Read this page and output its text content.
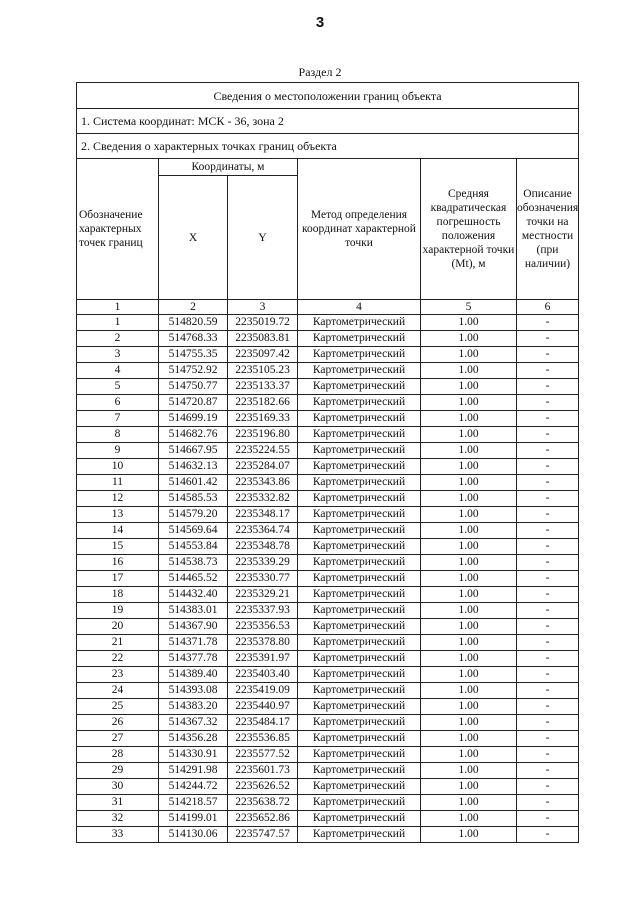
3
Раздел 2
Сведения о местоположении границ объекта					
1. Система координат: МСК - 36, зона 2					
2. Сведения о характерных точках границ объекта					
Обозначение характерных точек границ	Координаты, м		Метод определения координат характерной точки	Средняя квадратическая погрешность положения характерной точки (Mt), м	Описание обозначения точки на местности (при наличии)
	X	Y			
1	2	3	4	5	6
1	514820.59	2235019.72	Картометрический	1.00	-
2	514768.33	2235083.81	Картометрический	1.00	-
3	514755.35	2235097.42	Картометрический	1.00	-
4	514752.92	2235105.23	Картометрический	1.00	-
5	514750.77	2235133.37	Картометрический	1.00	-
6	514720.87	2235182.66	Картометрический	1.00	-
7	514699.19	2235169.33	Картометрический	1.00	-
8	514682.76	2235196.80	Картометрический	1.00	-
9	514667.95	2235224.55	Картометрический	1.00	-
10	514632.13	2235284.07	Картометрический	1.00	-
11	514601.42	2235343.86	Картометрический	1.00	-
12	514585.53	2235332.82	Картометрический	1.00	-
13	514579.20	2235348.17	Картометрический	1.00	-
14	514569.64	2235364.74	Картометрический	1.00	-
15	514553.84	2235348.78	Картометрический	1.00	-
16	514538.73	2235339.29	Картометрический	1.00	-
17	514465.52	2235330.77	Картометрический	1.00	-
18	514432.40	2235329.21	Картометрический	1.00	-
19	514383.01	2235337.93	Картометрический	1.00	-
20	514367.90	2235356.53	Картометрический	1.00	-
21	514371.78	2235378.80	Картометрический	1.00	-
22	514377.78	2235391.97	Картометрический	1.00	-
23	514389.40	2235403.40	Картометрический	1.00	-
24	514393.08	2235419.09	Картометрический	1.00	-
25	514383.20	2235440.97	Картометрический	1.00	-
26	514367.32	2235484.17	Картометрический	1.00	-
27	514356.28	2235536.85	Картометрический	1.00	-
28	514330.91	2235577.52	Картометрический	1.00	-
29	514291.98	2235601.73	Картометрический	1.00	-
30	514244.72	2235626.52	Картометрический	1.00	-
31	514218.57	2235638.72	Картометрический	1.00	-
32	514199.01	2235652.86	Картометрический	1.00	-
33	514130.06	2235747.57	Картометрический	1.00	-
